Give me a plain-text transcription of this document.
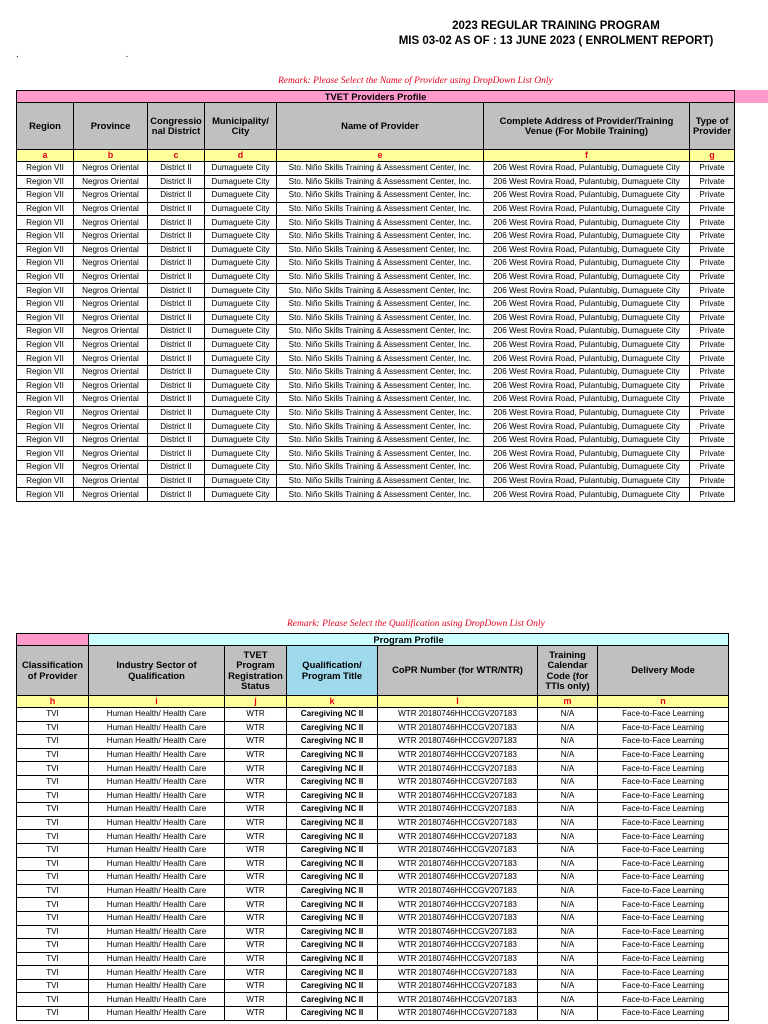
2023 REGULAR TRAINING PROGRAM
MIS 03-02 AS OF : 13 JUNE 2023 ( ENROLMENT REPORT)
. .
Remark: Please Select the Name of Provider using DropDown List Only
TVET Providers Profile						
Region	Province	Congressio nal District	Municipality/ City	Name of Provider	Complete Address of Provider/Training Venue (For Mobile Training)	Type of Provider
a	b	c	d	e	f	g
Region VII	Negros Oriental	District II	Dumaguete City	Sto. Niño Skills Training & Assessment Center, Inc.	206 West Rovira Road, Pulantubig, Dumaguete City	Private
Region VII	Negros Oriental	District II	Dumaguete City	Sto. Niño Skills Training & Assessment Center, Inc.	206 West Rovira Road, Pulantubig, Dumaguete City	Private
Region VII	Negros Oriental	District II	Dumaguete City	Sto. Niño Skills Training & Assessment Center, Inc.	206 West Rovira Road, Pulantubig, Dumaguete City	Private
Region VII	Negros Oriental	District II	Dumaguete City	Sto. Niño Skills Training & Assessment Center, Inc.	206 West Rovira Road, Pulantubig, Dumaguete City	Private
Region VII	Negros Oriental	District II	Dumaguete City	Sto. Niño Skills Training & Assessment Center, Inc.	206 West Rovira Road, Pulantubig, Dumaguete City	Private
Region VII	Negros Oriental	District II	Dumaguete City	Sto. Niño Skills Training & Assessment Center, Inc.	206 West Rovira Road, Pulantubig, Dumaguete City	Private
Region VII	Negros Oriental	District II	Dumaguete City	Sto. Niño Skills Training & Assessment Center, Inc.	206 West Rovira Road, Pulantubig, Dumaguete City	Private
Region VII	Negros Oriental	District II	Dumaguete City	Sto. Niño Skills Training & Assessment Center, Inc.	206 West Rovira Road, Pulantubig, Dumaguete City	Private
Region VII	Negros Oriental	District II	Dumaguete City	Sto. Niño Skills Training & Assessment Center, Inc.	206 West Rovira Road, Pulantubig, Dumaguete City	Private
Region VII	Negros Oriental	District II	Dumaguete City	Sto. Niño Skills Training & Assessment Center, Inc.	206 West Rovira Road, Pulantubig, Dumaguete City	Private
Region VII	Negros Oriental	District II	Dumaguete City	Sto. Niño Skills Training & Assessment Center, Inc.	206 West Rovira Road, Pulantubig, Dumaguete City	Private
Region VII	Negros Oriental	District II	Dumaguete City	Sto. Niño Skills Training & Assessment Center, Inc.	206 West Rovira Road, Pulantubig, Dumaguete City	Private
Region VII	Negros Oriental	District II	Dumaguete City	Sto. Niño Skills Training & Assessment Center, Inc.	206 West Rovira Road, Pulantubig, Dumaguete City	Private
Region VII	Negros Oriental	District II	Dumaguete City	Sto. Niño Skills Training & Assessment Center, Inc.	206 West Rovira Road, Pulantubig, Dumaguete City	Private
Region VII	Negros Oriental	District II	Dumaguete City	Sto. Niño Skills Training & Assessment Center, Inc.	206 West Rovira Road, Pulantubig, Dumaguete City	Private
Region VII	Negros Oriental	District II	Dumaguete City	Sto. Niño Skills Training & Assessment Center, Inc.	206 West Rovira Road, Pulantubig, Dumaguete City	Private
Region VII	Negros Oriental	District II	Dumaguete City	Sto. Niño Skills Training & Assessment Center, Inc.	206 West Rovira Road, Pulantubig, Dumaguete City	Private
Region VII	Negros Oriental	District II	Dumaguete City	Sto. Niño Skills Training & Assessment Center, Inc.	206 West Rovira Road, Pulantubig, Dumaguete City	Private
Region VII	Negros Oriental	District II	Dumaguete City	Sto. Niño Skills Training & Assessment Center, Inc.	206 West Rovira Road, Pulantubig, Dumaguete City	Private
Region VII	Negros Oriental	District II	Dumaguete City	Sto. Niño Skills Training & Assessment Center, Inc.	206 West Rovira Road, Pulantubig, Dumaguete City	Private
Region VII	Negros Oriental	District II	Dumaguete City	Sto. Niño Skills Training & Assessment Center, Inc.	206 West Rovira Road, Pulantubig, Dumaguete City	Private
Region VII	Negros Oriental	District II	Dumaguete City	Sto. Niño Skills Training & Assessment Center, Inc.	206 West Rovira Road, Pulantubig, Dumaguete City	Private
Region VII	Negros Oriental	District II	Dumaguete City	Sto. Niño Skills Training & Assessment Center, Inc.	206 West Rovira Road, Pulantubig, Dumaguete City	Private
Region VII	Negros Oriental	District II	Dumaguete City	Sto. Niño Skills Training & Assessment Center, Inc.	206 West Rovira Road, Pulantubig, Dumaguete City	Private
Region VII	Negros Oriental	District II	Dumaguete City	Sto. Niño Skills Training & Assessment Center, Inc.	206 West Rovira Road, Pulantubig, Dumaguete City	Private
Remark: Please Select the Qualification using DropDown List Only
	Program Profile					
Classification of Provider	Industry Sector of Qualification	TVET Program Registration Status	Qualification/ Program Title	CoPR Number (for WTR/NTR)	Training Calendar Code (for TTIs only)	Delivery Mode
h	i	j	k	l	m	n
TVI	Human Health/ Health Care	WTR	Caregiving NC II	WTR 20180746HHCCGV207183	N/A	Face-to-Face Learning
TVI	Human Health/ Health Care	WTR	Caregiving NC II	WTR 20180746HHCCGV207183	N/A	Face-to-Face Learning
TVI	Human Health/ Health Care	WTR	Caregiving NC II	WTR 20180746HHCCGV207183	N/A	Face-to-Face Learning
TVI	Human Health/ Health Care	WTR	Caregiving NC II	WTR 20180746HHCCGV207183	N/A	Face-to-Face Learning
TVI	Human Health/ Health Care	WTR	Caregiving NC II	WTR 20180746HHCCGV207183	N/A	Face-to-Face Learning
TVI	Human Health/ Health Care	WTR	Caregiving NC II	WTR 20180746HHCCGV207183	N/A	Face-to-Face Learning
TVI	Human Health/ Health Care	WTR	Caregiving NC II	WTR 20180746HHCCGV207183	N/A	Face-to-Face Learning
TVI	Human Health/ Health Care	WTR	Caregiving NC II	WTR 20180746HHCCGV207183	N/A	Face-to-Face Learning
TVI	Human Health/ Health Care	WTR	Caregiving NC II	WTR 20180746HHCCGV207183	N/A	Face-to-Face Learning
TVI	Human Health/ Health Care	WTR	Caregiving NC II	WTR 20180746HHCCGV207183	N/A	Face-to-Face Learning
TVI	Human Health/ Health Care	WTR	Caregiving NC II	WTR 20180746HHCCGV207183	N/A	Face-to-Face Learning
TVI	Human Health/ Health Care	WTR	Caregiving NC II	WTR 20180746HHCCGV207183	N/A	Face-to-Face Learning
TVI	Human Health/ Health Care	WTR	Caregiving NC II	WTR 20180746HHCCGV207183	N/A	Face-to-Face Learning
TVI	Human Health/ Health Care	WTR	Caregiving NC II	WTR 20180746HHCCGV207183	N/A	Face-to-Face Learning
TVI	Human Health/ Health Care	WTR	Caregiving NC II	WTR 20180746HHCCGV207183	N/A	Face-to-Face Learning
TVI	Human Health/ Health Care	WTR	Caregiving NC II	WTR 20180746HHCCGV207183	N/A	Face-to-Face Learning
TVI	Human Health/ Health Care	WTR	Caregiving NC II	WTR 20180746HHCCGV207183	N/A	Face-to-Face Learning
TVI	Human Health/ Health Care	WTR	Caregiving NC II	WTR 20180746HHCCGV207183	N/A	Face-to-Face Learning
TVI	Human Health/ Health Care	WTR	Caregiving NC II	WTR 20180746HHCCGV207183	N/A	Face-to-Face Learning
TVI	Human Health/ Health Care	WTR	Caregiving NC II	WTR 20180746HHCCGV207183	N/A	Face-to-Face Learning
TVI	Human Health/ Health Care	WTR	Caregiving NC II	WTR 20180746HHCCGV207183	N/A	Face-to-Face Learning
TVI	Human Health/ Health Care	WTR	Caregiving NC II	WTR 20180746HHCCGV207183	N/A	Face-to-Face Learning
TVI	Human Health/ Health Care	WTR	Caregiving NC II	WTR 20180746HHCCGV207183	N/A	Face-to-Face Learning
